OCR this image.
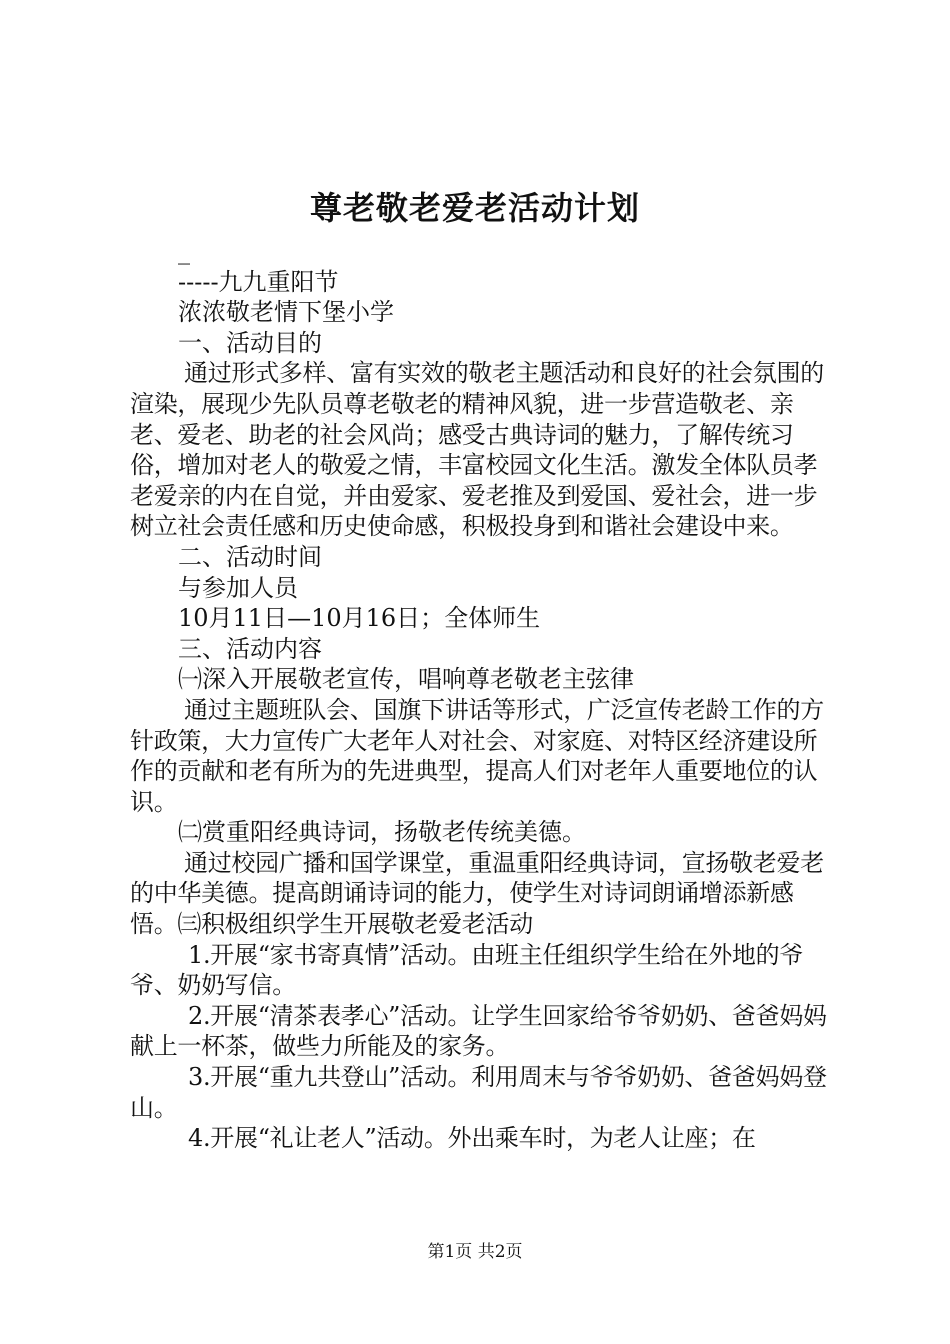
尊老敬老爱老活动计划

_

-----九九重阳节

浓浓敬老情下堡小学

一、活动目的

通过形式多样、富有实效的敬老主题活动和良好的社会氛围的渲染，展现少先队员尊老敬老的精神风貌，进一步营造敬老、亲老、爱老、助老的社会风尚；感受古典诗词的魅力，了解传统习俗，增加对老人的敬爱之情，丰富校园文化生活。激发全体队员孝老爱亲的内在自觉，并由爱家、爱老推及到爱国、爱社会，进一步树立社会责任感和历史使命感，积极投身到和谐社会建设中来。

二、活动时间

与参加人员

10月11日—10月16日；全体师生

三、活动内容

㈠深入开展敬老宣传，唱响尊老敬老主弦律

通过主题班队会、国旗下讲话等形式，广泛宣传老龄工作的方针政策，大力宣传广大老年人对社会、对家庭、对特区经济建设所作的贡献和老有所为的先进典型，提高人们对老年人重要地位的认识。

㈡赏重阳经典诗词，扬敬老传统美德。

通过校园广播和国学课堂，重温重阳经典诗词，宣扬敬老爱老的中华美德。提高朗诵诗词的能力，使学生对诗词朗诵增添新感悟。㈢积极组织学生开展敬老爱老活动

1.开展“家书寄真情”活动。由班主任组织学生给在外地的爷爷、奶奶写信。

2.开展“清茶表孝心”活动。让学生回家给爷爷奶奶、爸爸妈妈献上一杯茶，做些力所能及的家务。

3.开展“重九共登山”活动。利用周末与爷爷奶奶、爸爸妈妈登山。

4.开展“礼让老人”活动。外出乘车时，为老人让座；在

第1页 共2页
